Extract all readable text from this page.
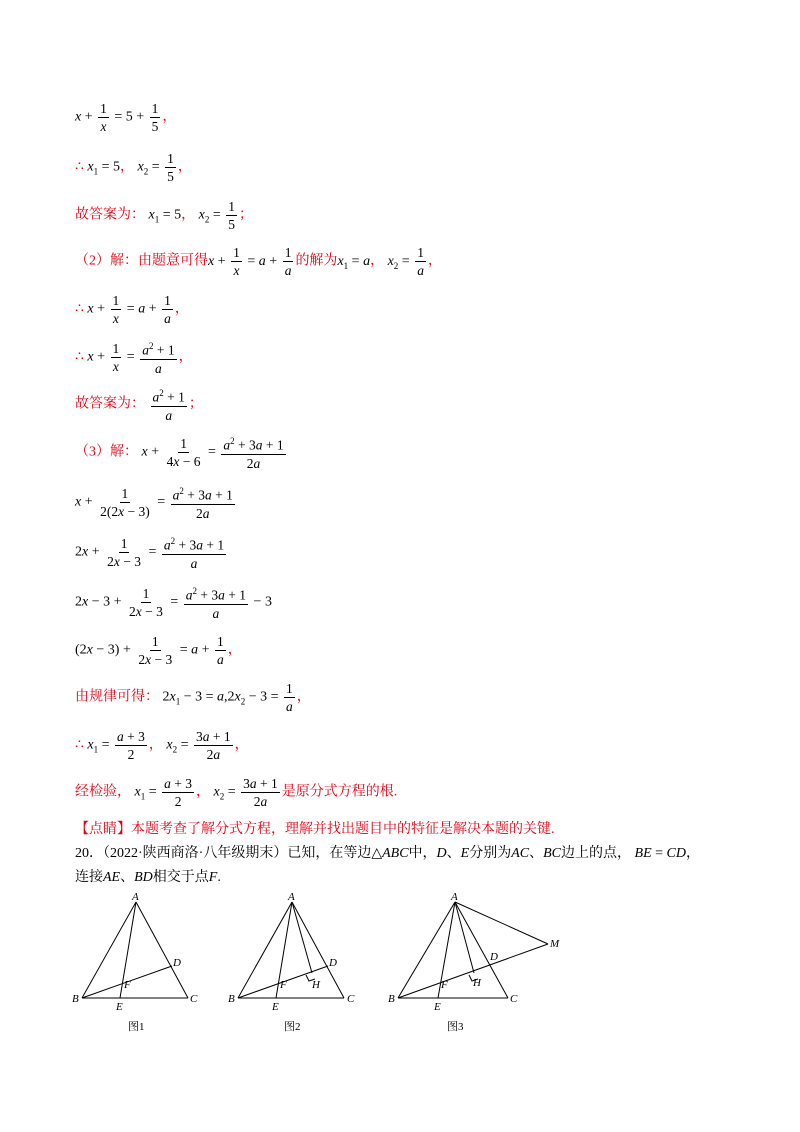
$x + \frac{1}{x} = 5 + \frac{1}{5}$ ，
∴ $x_1 = 5$， $x_2 = \frac{1}{5}$ ，
故答案为： $x_1 = 5$， $x_2 = \frac{1}{5}$ ；
（2）解：由题意可得$x + \frac{1}{x} = a + \frac{1}{a}$ 的解为$x_1 = a$， $x_2 = \frac{1}{a}$ ，
∴ $x + \frac{1}{x} = a + \frac{1}{a}$ ，
∴ $x + \frac{1}{x} = \frac{a^2 + 1}{a}$ ，
故答案为： $\frac{a^2 + 1}{a}$ ；
（3）解： $x + \frac{1}{4x - 6} = \frac{a^2 + 3a + 1}{2a}$
$x + \frac{1}{2(2x - 3)} = \frac{a^2 + 3a + 1}{2a}$
$2x + \frac{1}{2x - 3} = \frac{a^2 + 3a + 1}{a}$
$2x - 3 + \frac{1}{2x - 3} = \frac{a^2 + 3a + 1}{a} - 3$
$(2x - 3) + \frac{1}{2x - 3} = a + \frac{1}{a}$ ，
由规律可得： $2x_1 - 3 = a,2x_2 - 3 = \frac{1}{a}$ ，
∴ $x_1 = \frac{a + 3}{2}$ ， $x_2 = \frac{3a + 1}{2a}$ ，
经检验， $x_1 = \frac{a + 3}{2}$ ， $x_2 = \frac{3a + 1}{2a}$ 是原分式方程的根.
【点睛】本题考查了解分式方程，理解并找出题目中的特征是解决本题的关键.
20．（2022·陕西商洛·八年级期末）已知，在等边△ABC中，D、E分别为AC、BC边上的点， BE = CD，
连接AE、BD相交于点F.
A
B	C
D
E
F
A
B	C
D
E
F H
A
B	C
D
E
F H
M
图1	图2	图3
